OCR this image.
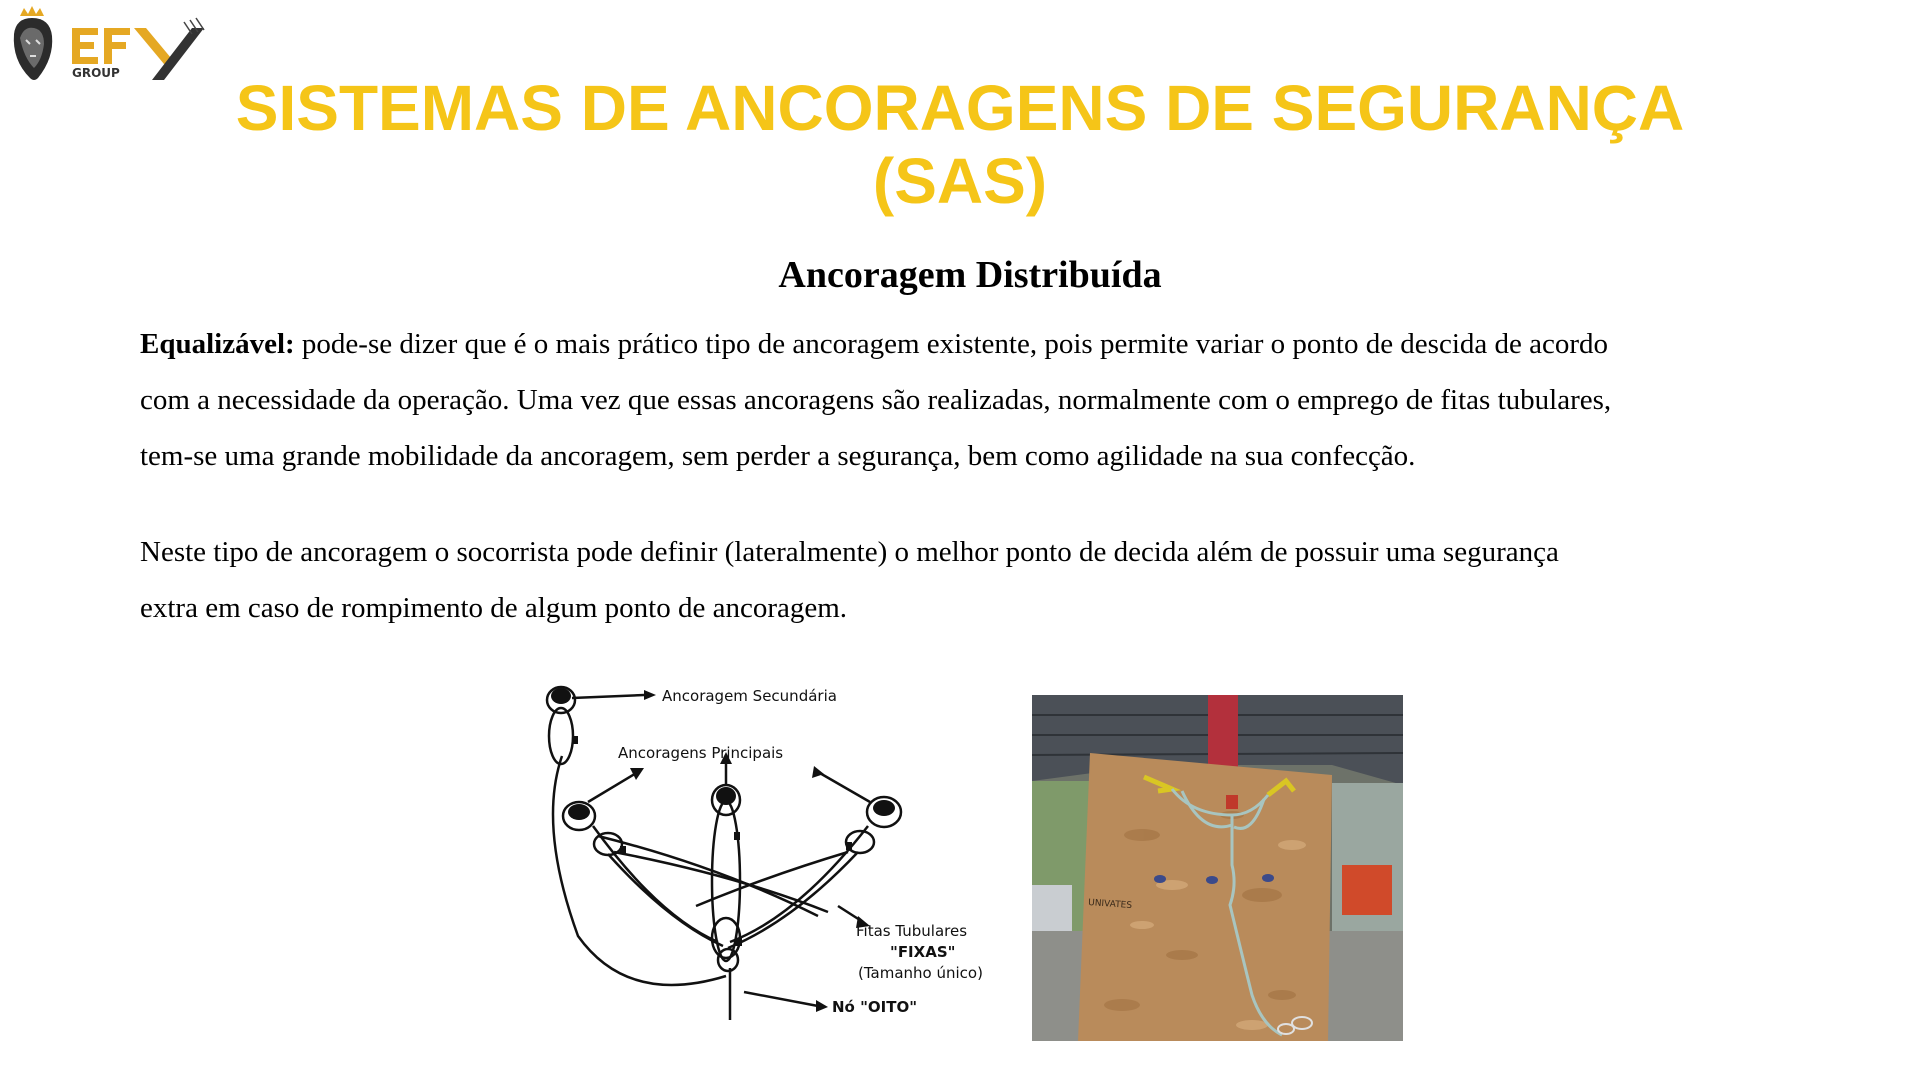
GROUP	SISTEMAS DE ANCORAGENS DE SEGURANÇA
(SAS)
Ancoragem Distribuída
Equalizável: pode-se dizer que é o mais prático tipo de ancoragem existente, pois permite variar o ponto de descida de acordo
com a necessidade da operação. Uma vez que essas ancoragens são realizadas, normalmente com o emprego de fitas tubulares,
tem-se uma grande mobilidade da ancoragem, sem perder a segurança, bem como agilidade na sua confecção.
Neste tipo de ancoragem o socorrista pode definir (lateralmente) o melhor ponto de decida além de possuir uma segurança
extra em caso de rompimento de algum ponto de ancoragem.
Ancoragem Secundária
Ancoragens Principais
Fitas Tubulares
"FIXAS"
(Tamanho único)
Nó "OITO"
UNIVATES
